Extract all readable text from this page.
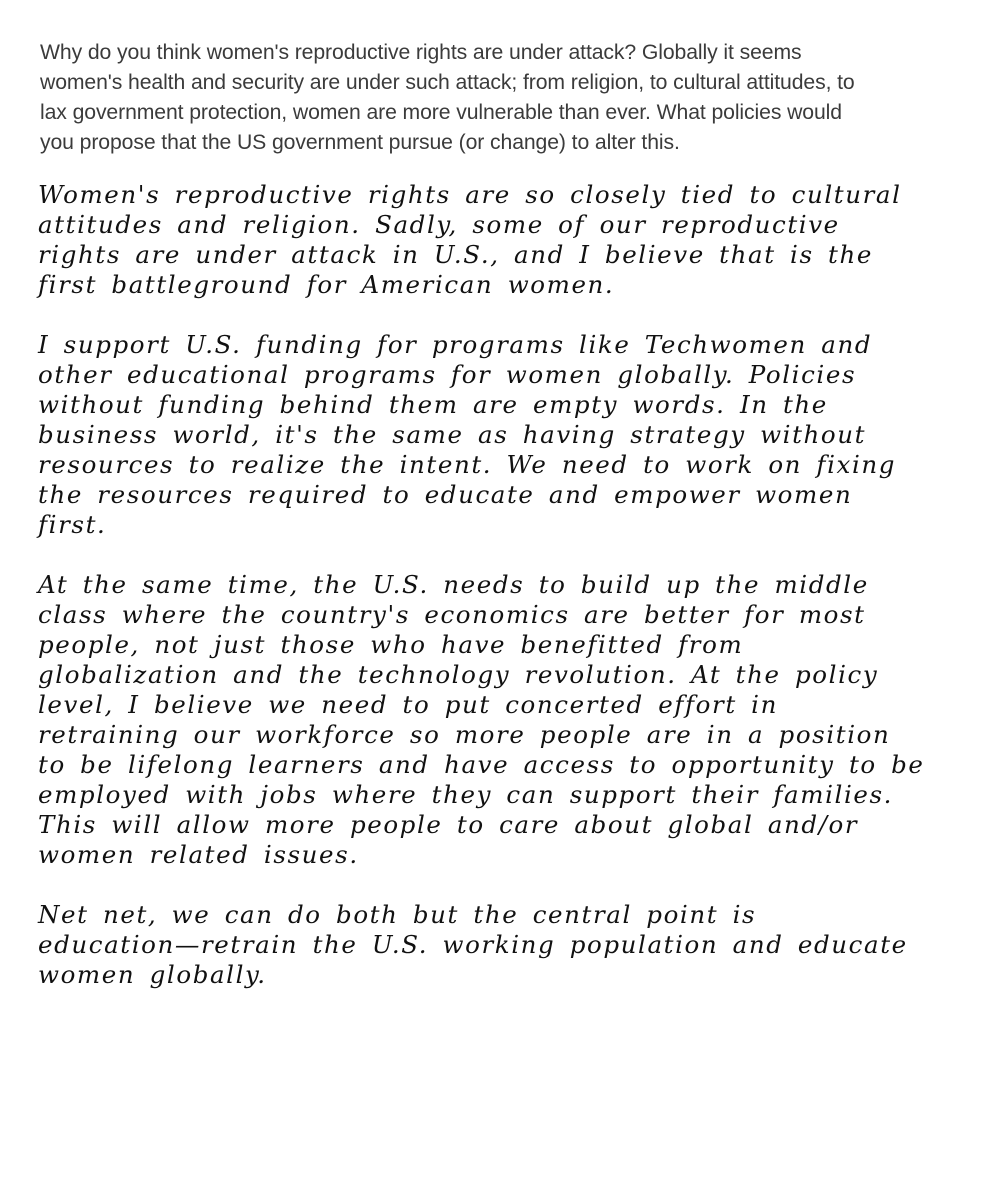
Why do you think women's reproductive rights are under attack? Globally it seems
women's health and security are under such attack; from religion, to cultural attitudes, to
lax government protection, women are more vulnerable than ever. What policies would
you propose that the US government pursue (or change) to alter this.

Women's reproductive rights are so closely tied to cultural
attitudes and religion. Sadly, some of our reproductive
rights are under attack in U.S., and I believe that is the
first battleground for American women.

I support U.S. funding for programs like Techwomen and
other educational programs for women globally. Policies
without funding behind them are empty words. In the
business world, it's the same as having strategy without
resources to realize the intent. We need to work on fixing
the resources required to educate and empower women
first.

At the same time, the U.S. needs to build up the middle
class where the country's economics are better for most
people, not just those who have benefitted from
globalization and the technology revolution. At the policy
level, I believe we need to put concerted effort in
retraining our workforce so more people are in a position
to be lifelong learners and have access to opportunity to be
employed with jobs where they can support their families.
This will allow more people to care about global and/or
women related issues.

Net net, we can do both but the central point is
education—retrain the U.S. working population and educate
women globally.
